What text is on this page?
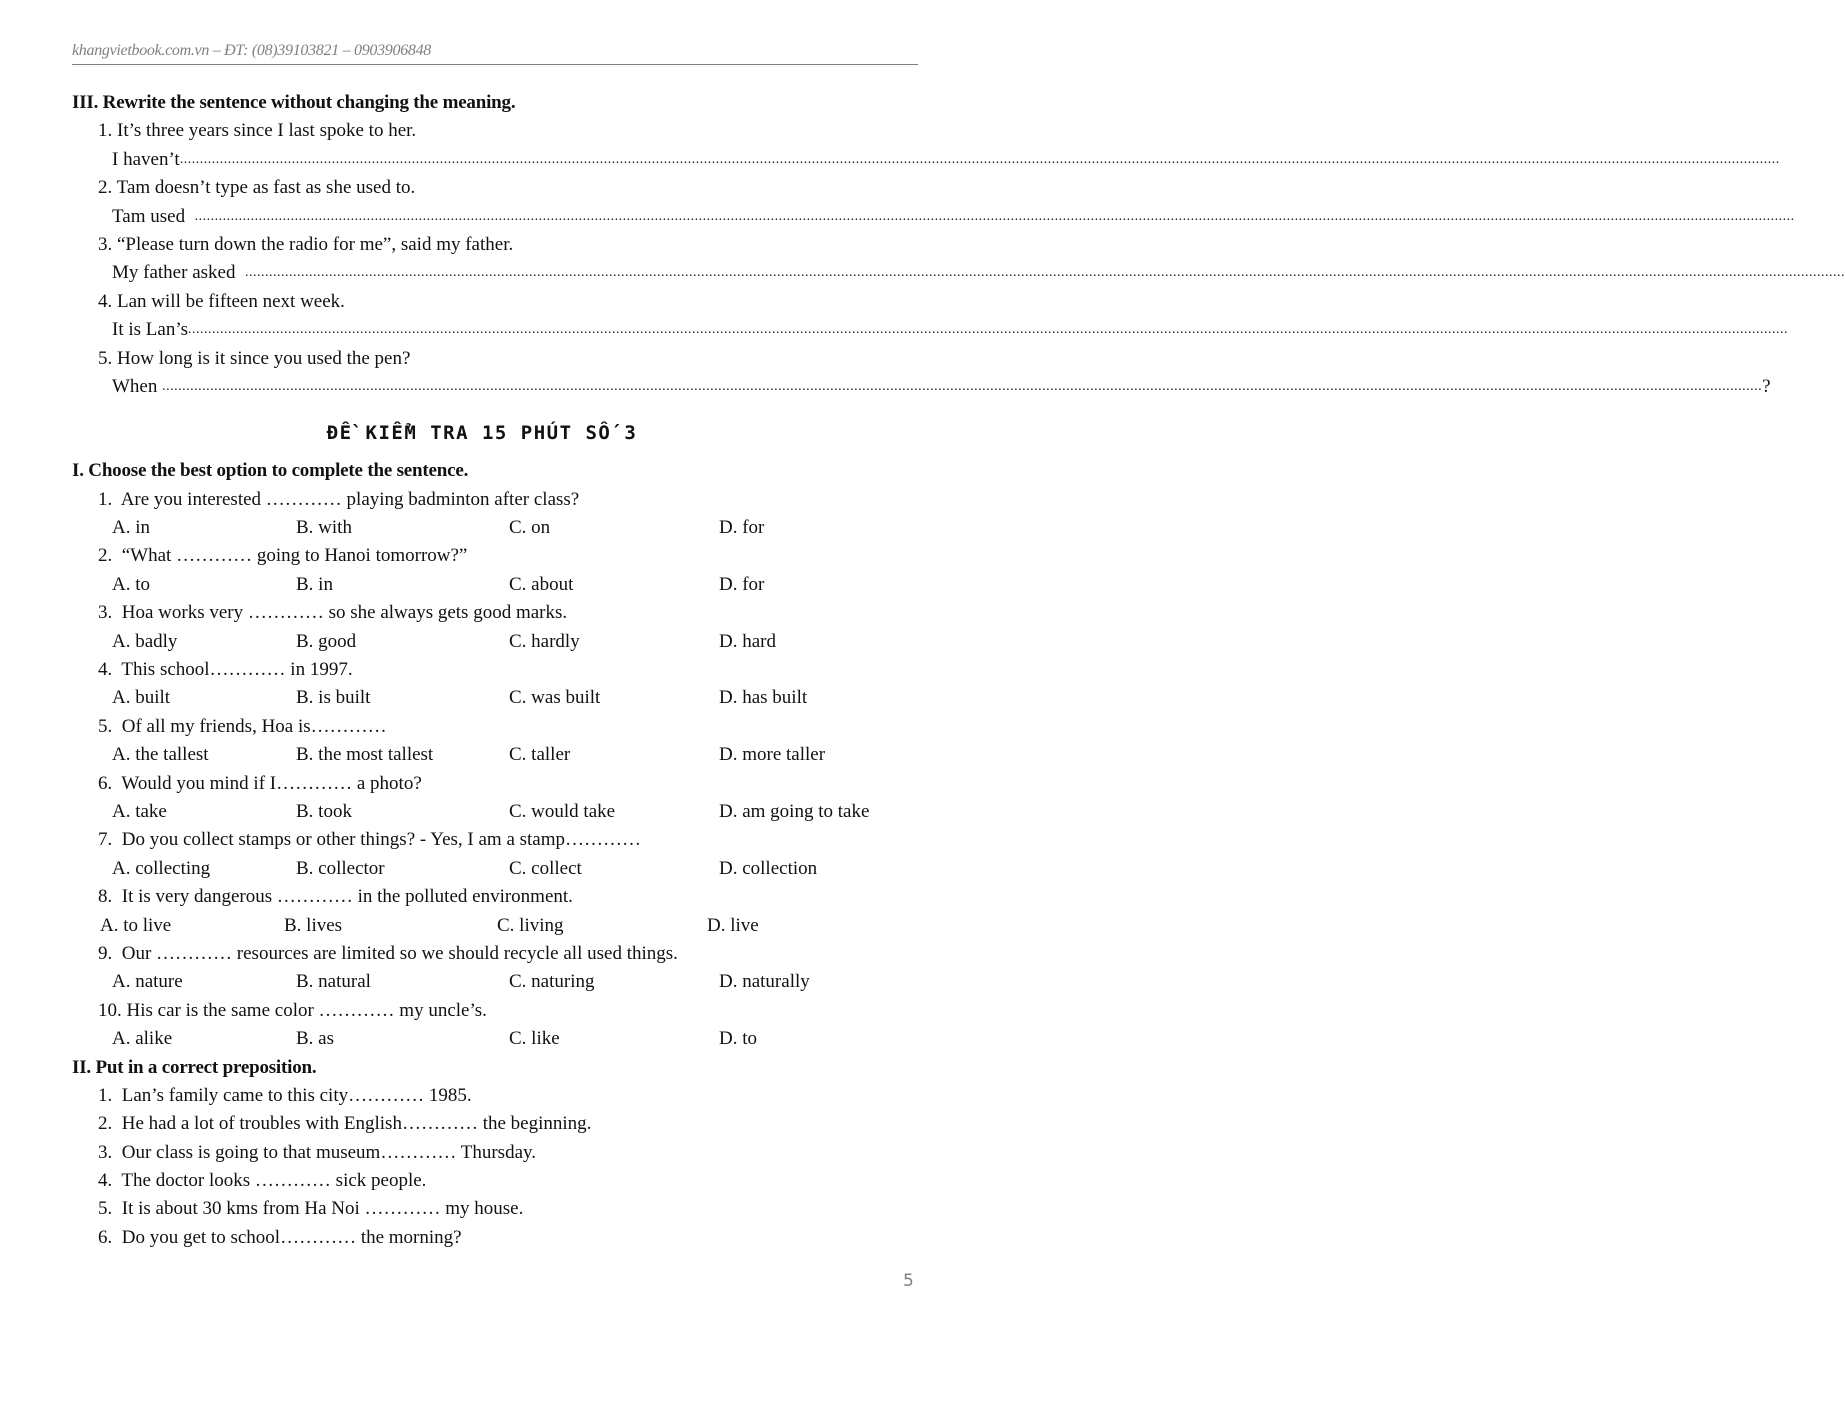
khangvietbook.com.vn – ĐT: (08)39103821 – 0903906848
III. Rewrite the sentence without changing the meaning.
1. It’s three years since I last spoke to her.
I haven’t ................................................................................................................................................................................................................................................................................................................................................................................................................
2. Tam doesn’t type as fast as she used to.
Tam used ................................................................................................................................................................................................................................................................................................................................................................................................................
3. “Please turn down the radio for me”, said my father.
My father asked ................................................................................................................................................................................................................................................................................................................................................................................................................
4. Lan will be fifteen next week.
It is Lan’s ................................................................................................................................................................................................................................................................................................................................................................................................................
5. How long is it since you used the pen?
When ................................................................................................................................................................................................................................................................................................................................................................................................................ ?
ĐỀ KIỂM TRA 15 PHÚT SỐ 3
I. Choose the best option to complete the sentence.
1. Are you interested ………… playing badminton after class?
A. in	B. with	C. on	D. for
2. “What ………… going to Hanoi tomorrow?”
A. to	B. in	C. about	D. for
3. Hoa works very ………… so she always gets good marks.
A. badly	B. good	C. hardly	D. hard
4. This school………… in 1997.
A. built	B. is built	C. was built	D. has built
5. Of all my friends, Hoa is…………
A. the tallest	B. the most tallest	C. taller	D. more taller
6. Would you mind if I………… a photo?
A. take	B. took	C. would take	D. am going to take
7. Do you collect stamps or other things? - Yes, I am a stamp…………
A. collecting	B. collector	C. collect	D. collection
8. It is very dangerous ………… in the polluted environment.
A. to live	B. lives	C. living	D. live
9. Our ………… resources are limited so we should recycle all used things.
A. nature	B. natural	C. naturing	D. naturally
10. His car is the same color ………… my uncle’s.
A. alike	B. as	C. like	D. to
II. Put in a correct preposition.
1. Lan’s family came to this city………… 1985.
2. He had a lot of troubles with English………… the beginning.
3. Our class is going to that museum………… Thursday.
4. The doctor looks ………… sick people.
5. It is about 30 kms from Ha Noi ………… my house.
6. Do you get to school………… the morning?
5
